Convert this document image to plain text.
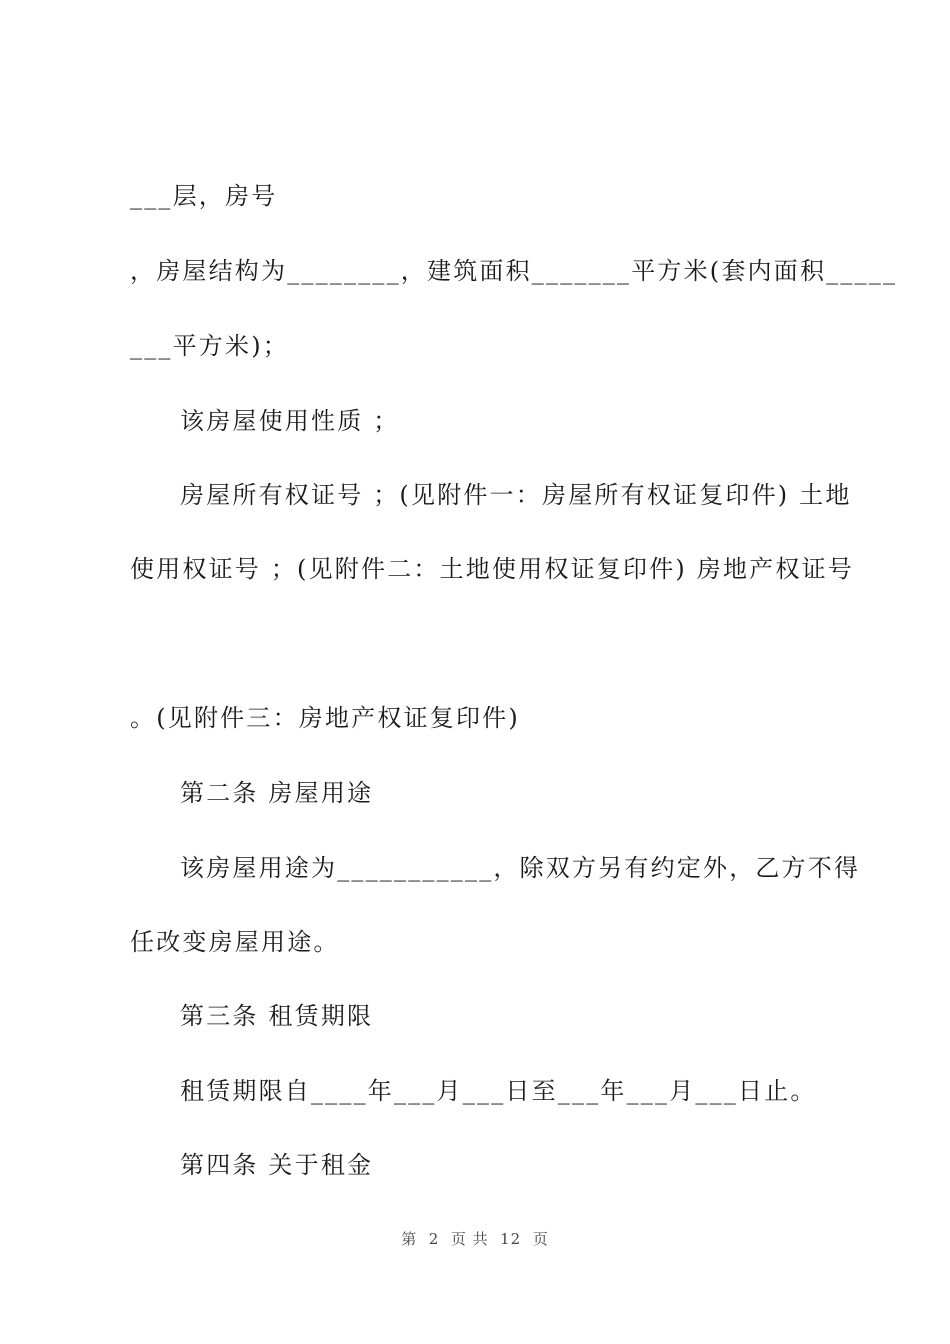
___层，房号
，房屋结构为________，建筑面积_______平方米(套内面积_____
___平方米)；
该房屋使用性质 ；
房屋所有权证号 ；(见附件一：房屋所有权证复印件) 土地
使用权证号 ；(见附件二：土地使用权证复印件) 房地产权证号
。(见附件三：房地产权证复印件)
第二条 房屋用途
该房屋用途为___________，除双方另有约定外，乙方不得
任改变房屋用途。
第三条 租赁期限
租赁期限自____年___月___日至___年___月___日止。
第四条 关于租金
第  2  页 共  12  页
